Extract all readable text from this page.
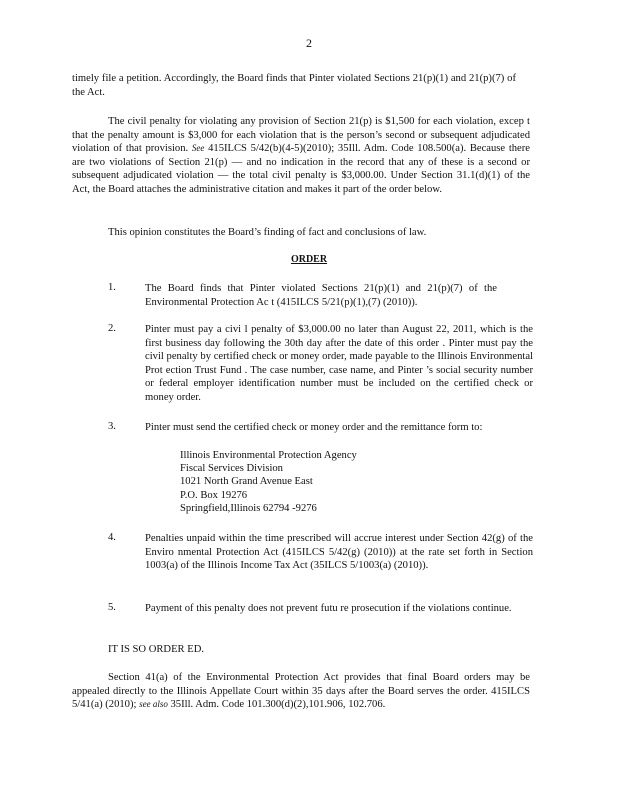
2
timely file a petition. Accordingly, the Board finds that Pinter violated Sections 21(p)(1) and 21(p)(7) of the Act.
The civil penalty for violating any provision of Section 21(p) is $1,500 for each violation, excep t that the penalty amount is $3,000 for each violation that is the person’s second or subsequent adjudicated violation of that provision. See 415ILCS 5/42(b)(4-5)(2010); 35Ill. Adm. Code 108.500(a). Because there are two violations of Section 21(p) — and no indication in the record that any of these is a second or subsequent adjudicated violation — the total civil penalty is $3,000.00. Under Section 31.1(d)(1) of the Act, the Board attaches the administrative citation and makes it part of the order below.
This opinion constitutes the Board’s finding of fact and conclusions of law.
ORDER
1.	The Board finds that Pinter violated Sections 21(p)(1) and 21(p)(7) of the Environmental Protection Ac t (415ILCS 5/21(p)(1),(7) (2010)).
2.	Pinter must pay a civi l penalty of $3,000.00 no later than August 22, 2011, which is the first business day following the 30th day after the date of this order . Pinter must pay the civil penalty by certified check or money order, made payable to the Illinois Environmental Prot ection Trust Fund . The case number, case name, and Pinter ’s social security number or federal employer identification number must be included on the certified check or money order.
3.	Pinter must send the certified check or money order and the remittance form to:
Illinois Environmental Protection Agency
Fiscal Services Division
1021 North Grand Avenue East
P.O. Box 19276
Springfield,Illinois 62794 -9276
4.	Penalties unpaid within the time prescribed will accrue interest under Section 42(g) of the Enviro nmental Protection Act (415ILCS 5/42(g) (2010)) at the rate set forth in Section 1003(a) of the Illinois Income Tax Act (35ILCS 5/1003(a) (2010)).
5.	Payment of this penalty does not prevent futu re prosecution if the violations continue.
IT IS SO ORDER ED.
Section 41(a) of the Environmental Protection Act provides that final Board orders may be appealed directly to the Illinois Appellate Court within 35 days after the Board serves the order. 415ILCS 5/41(a) (2010); see also 35Ill. Adm. Code 101.300(d)(2),101.906, 102.706.
